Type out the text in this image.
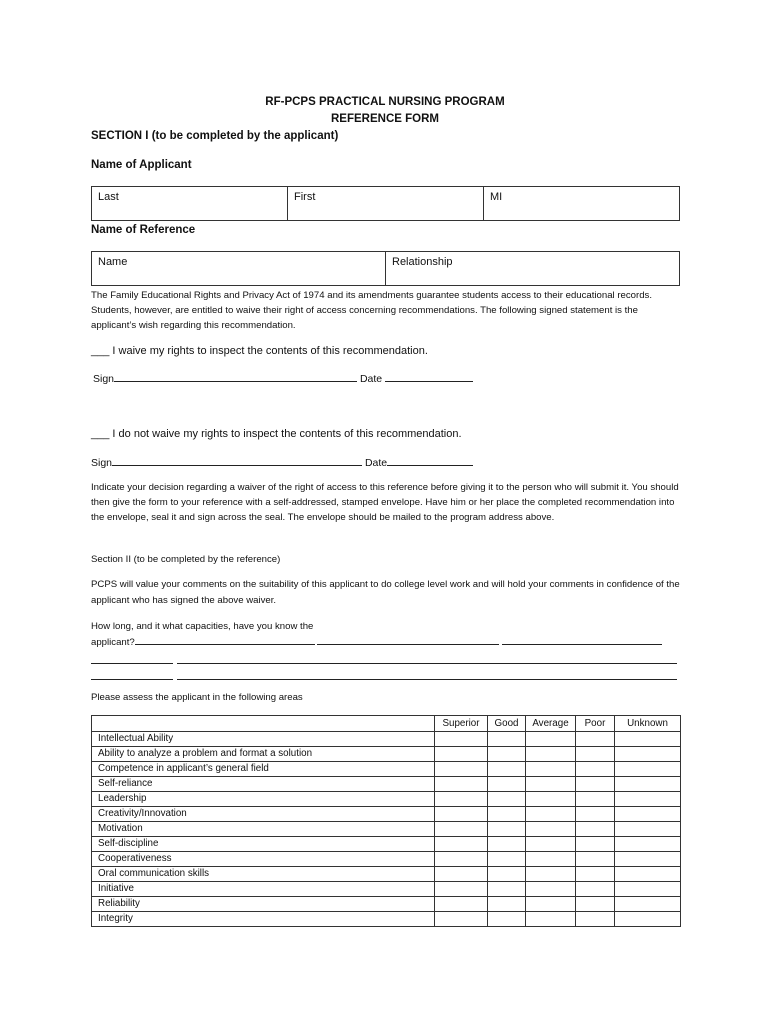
RF-PCPS PRACTICAL NURSING PROGRAM
REFERENCE FORM
SECTION I (to be completed by the applicant)
Name of Applicant
Last	First	MI
Name of Reference
Name	Relationship
The Family Educational Rights and Privacy Act of 1974 and its amendments guarantee students access to their educational records. Students, however, are entitled to waive their right of access concerning recommendations. The following signed statement is the applicant’s wish regarding this recommendation.
___ I waive my rights to inspect the contents of this recommendation.
Sign	Date
___ I do not waive my rights to inspect the contents of this recommendation.
Sign	Date
Indicate your decision regarding a waiver of the right of access to this reference before giving it to the person who will submit it. You should then give the form to your reference with a self-addressed, stamped envelope. Have him or her place the completed recommendation into the envelope, seal it and sign across the seal. The envelope should be mailed to the program address above.
Section II (to be completed by the reference)
PCPS will value your comments on the suitability of this applicant to do college level work and will hold your comments in confidence of the applicant who has signed the above waiver.
How long, and it what capacities, have you know the
applicant?

Please assess the applicant in the following areas
	Superior	Good	Average	Poor	Unknown
Intellectual Ability					
Ability to analyze a problem and format a solution					
Competence in applicant’s general field					
Self-reliance					
Leadership					
Creativity/Innovation					
Motivation					
Self-discipline					
Cooperativeness					
Oral communication skills					
Initiative					
Reliability					
Integrity					
